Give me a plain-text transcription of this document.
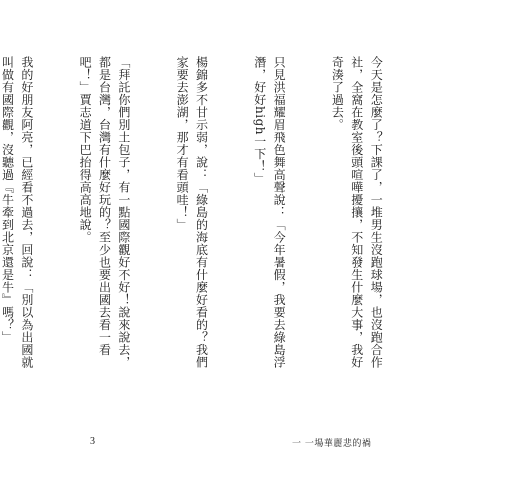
今天是怎麼了？下課了，一堆男生沒跑球場，也沒跑合作社，全窩在教室後頭喧嘩擾攘，不知發生什麼大事，我好奇湊了過去。

只見洪福耀眉飛色舞高聲說：「今年暑假，我要去綠島浮潛，好好high一下！」

楊錦多不甘示弱，說：「綠島的海底有什麼好看的？我們家要去澎湖，那才有看頭哇！」

「拜託你們別土包子，有一點國際觀好不好！說來說去，都是台灣，台灣有什麼好玩的？至少也要出國去看一看吧！」賈志道下巴抬得高高地說。

我的好朋友阿亮，已經看不過去，回說：「別以為出國就叫做有國際觀，沒聽過『牛牽到北京還是牛』嗎？」

3	一 一場華麗悲的禍
